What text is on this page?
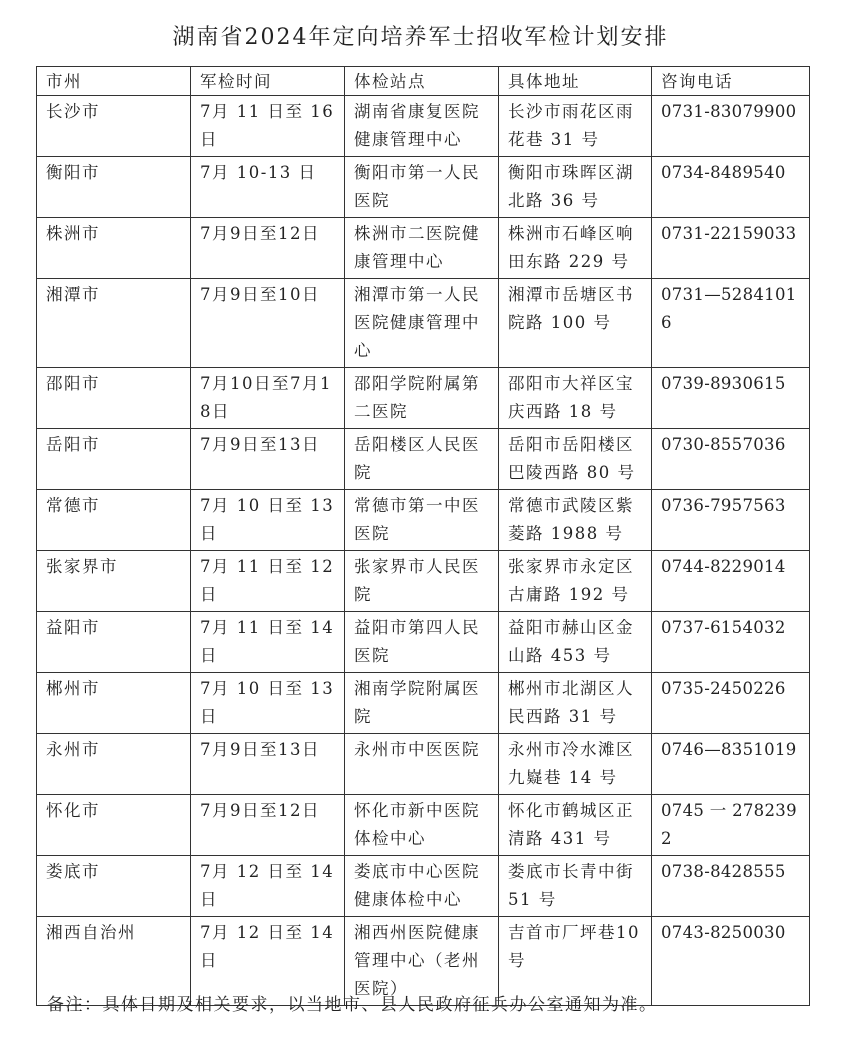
湖南省2024年定向培养军士招收军检计划安排
市州	军检时间	体检站点	具体地址	咨询电话
长沙市	7月 11 日至 16日	湖南省康复医院健康管理中心	长沙市雨花区雨花巷 31 号	0731-83079900
衡阳市	7月 10-13 日	衡阳市第一人民医院	衡阳市珠晖区湖北路 36 号	0734-8489540
株洲市	7月9日至12日	株洲市二医院健康管理中心	株洲市石峰区响田东路 229 号	0731-22159033
湘潭市	7月9日至10日	湘潭市第一人民医院健康管理中心	湘潭市岳塘区书院路 100 号	0731—52841016
邵阳市	7月10日至7月18日	邵阳学院附属第二医院	邵阳市大祥区宝庆西路 18 号	0739-8930615
岳阳市	7月9日至13日	岳阳楼区人民医院	岳阳市岳阳楼区巴陵西路 80 号	0730-8557036
常德市	7月 10 日至 13日	常德市第一中医医院	常德市武陵区紫菱路 1988 号	0736-7957563
张家界市	7月 11 日至 12日	张家界市人民医院	张家界市永定区古庸路 192 号	0744-8229014
益阳市	7月 11 日至 14日	益阳市第四人民医院	益阳市赫山区金山路 453 号	0737-6154032
郴州市	7月 10 日至 13日	湘南学院附属医院	郴州市北湖区人民西路 31 号	0735-2450226
永州市	7月9日至13日	永州市中医医院	永州市冷水滩区九嶷巷 14 号	0746—8351019
怀化市	7月9日至12日	怀化市新中医院体检中心	怀化市鹤城区正清路 431 号	0745 一 2782392
娄底市	7月 12 日至 14日	娄底市中心医院健康体检中心	娄底市长青中街51 号	0738-8428555
湘西自治州	7月 12 日至 14日	湘西州医院健康管理中心（老州医院）	吉首市厂坪巷10 号	0743-8250030
备注：具体日期及相关要求，以当地市、县人民政府征兵办公室通知为准。
